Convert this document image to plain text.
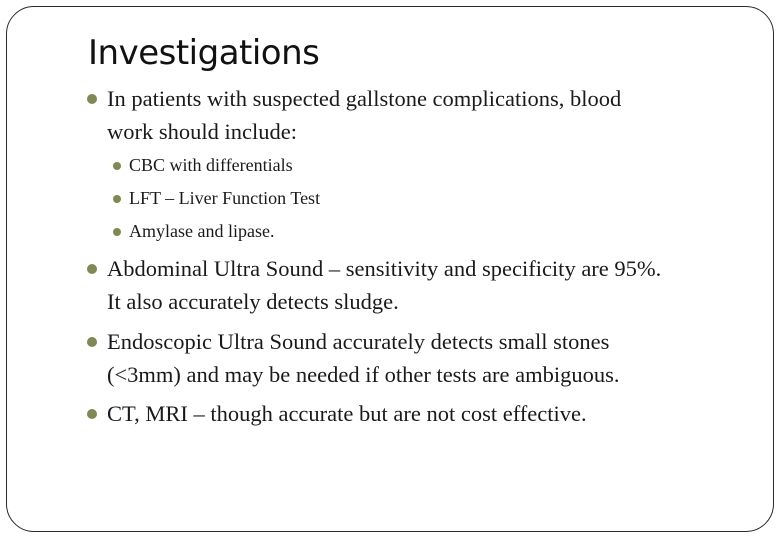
Investigations
In patients with suspected gallstone complications, blood
work should include:
CBC with differentials
LFT – Liver Function Test
Amylase and lipase.
Abdominal Ultra Sound – sensitivity and specificity are 95%.
It also accurately detects sludge.
Endoscopic Ultra Sound accurately detects small stones
(<3mm) and may be needed if other tests are ambiguous.
CT, MRI – though accurate but are not cost effective.
